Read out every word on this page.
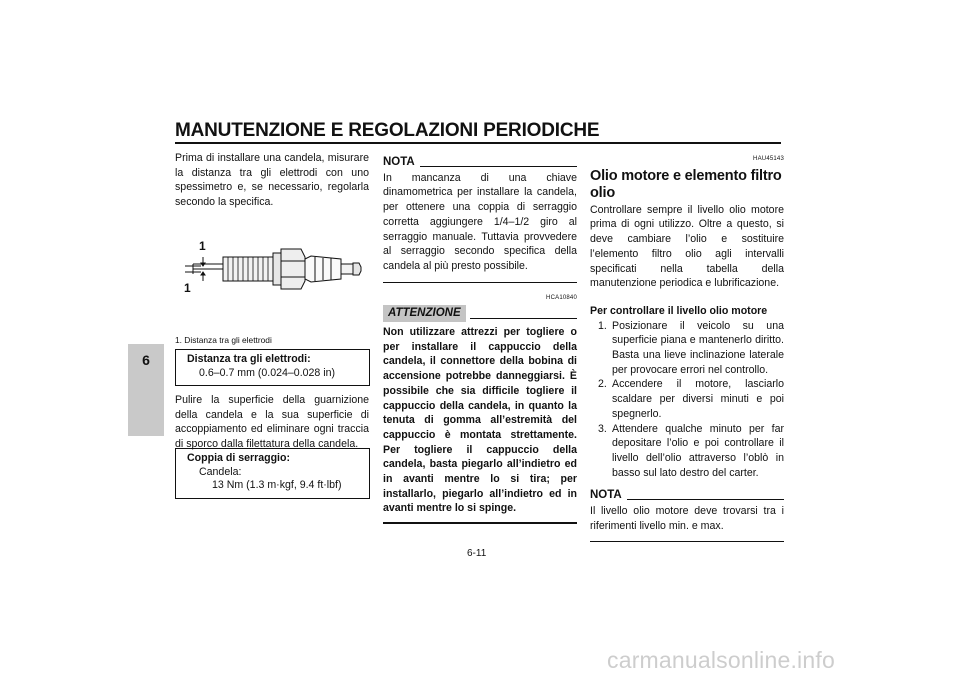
MANUTENZIONE E REGOLAZIONI PERIODICHE
6

Prima di installare una candela, misurare la distanza tra gli elettrodi con uno spessimetro e, se necessario, regolarla secondo la specifica.

1
1
1. Distanza tra gli elettrodi
Distanza tra gli elettrodi:
0.6–0.7 mm (0.024–0.028 in)

Pulire la superficie della guarnizione della candela e la sua superficie di accoppiamento ed eliminare ogni traccia di sporco dalla filettatura della candela.

Coppia di serraggio:
Candela:
13 Nm (1.3 m·kgf, 9.4 ft·lbf)
NOTA

In mancanza di una chiave dinamometrica per installare la candela, per ottenere una coppia di serraggio corretta aggiungere 1/4–1/2 giro al serraggio manuale. Tuttavia provvedere al serraggio secondo specifica della candela al più presto possibile.

HCA10840
ATTENZIONE

Non utilizzare attrezzi per togliere o per installare il cappuccio della candela, il connettore della bobina di accensione potrebbe danneggiarsi. È possibile che sia difficile togliere il cappuccio della candela, in quanto la tenuta di gomma all’estremità del cappuccio è montata strettamente. Per togliere il cappuccio della candela, basta piegarlo all’indietro ed in avanti mentre lo si tira; per installarlo, piegarlo all’indietro ed in avanti mentre lo si spinge.

HAU45143
Olio motore e elemento filtro olio

Controllare sempre il livello olio motore prima di ogni utilizzo. Oltre a questo, si deve cambiare l’olio e sostituire l’elemento filtro olio agli intervalli specificati nella tabella della manutenzione periodica e lubrificazione.

Per controllare il livello olio motore
1. Posizionare il veicolo su una superficie piana e mantenerlo diritto. Basta una lieve inclinazione laterale per provocare errori nel controllo.
2. Accendere il motore, lasciarlo scaldare per diversi minuti e poi spegnerlo.
3. Attendere qualche minuto per far depositare l’olio e poi controllare il livello dell’olio attraverso l’oblò in basso sul lato destro del carter.
NOTA

Il livello olio motore deve trovarsi tra i riferimenti livello min. e max.

6-11
carmanualsonline.info
